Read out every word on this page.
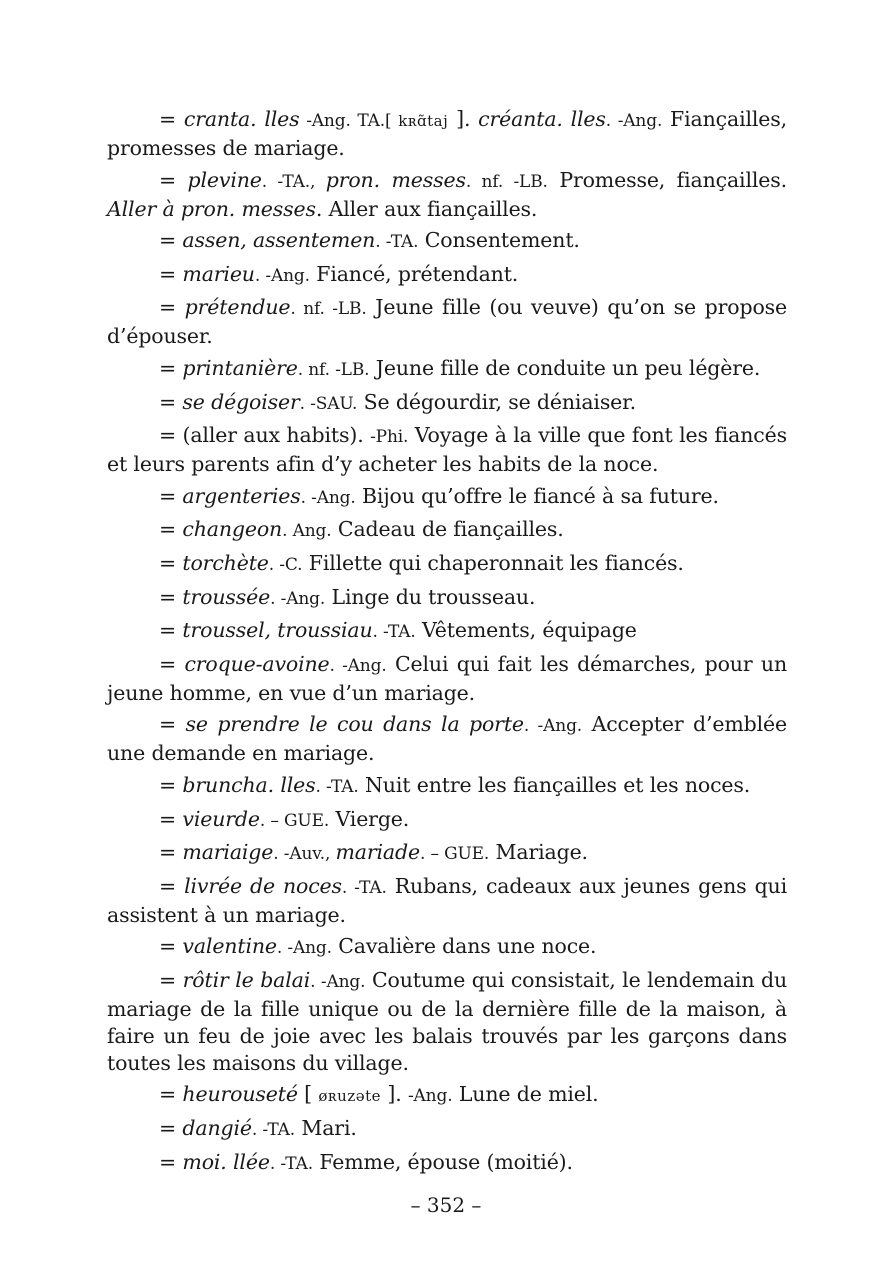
= cranta. lles -Ang. TA.[ kʀɑ̃taj ]. créanta. lles. -Ang. Fiançailles, promesses de mariage.

= plevine. -TA., pron. messes. nf. -LB. Promesse, fiançailles. Aller à pron. messes. Aller aux fiançailles.

= assen, assentemen. -TA. Consentement.

= marieu. -Ang. Fiancé, prétendant.

= prétendue. nf. -LB. Jeune fille (ou veuve) qu’on se propose d’épouser.

= printanière. nf. -LB. Jeune fille de conduite un peu légère.

= se dégoiser. -SAU. Se dégourdir, se déniaiser.

= (aller aux habits). -Phi. Voyage à la ville que font les fiancés et leurs parents afin d’y acheter les habits de la noce.

= argenteries. -Ang. Bijou qu’offre le fiancé à sa future.

= changeon. Ang. Cadeau de fiançailles.

= torchète. -C. Fillette qui chaperonnait les fiancés.

= troussée. -Ang. Linge du trousseau.

= troussel, troussiau. -TA. Vêtements, équipage

= croque-avoine. -Ang. Celui qui fait les démarches, pour un jeune homme, en vue d’un mariage.

= se prendre le cou dans la porte. -Ang. Accepter d’emblée une demande en mariage.

= bruncha. lles. -TA. Nuit entre les fiançailles et les noces.

= vieurde. – GUE. Vierge.

= mariaige. -Auv., mariade. – GUE. Mariage.

= livrée de noces. -TA. Rubans, cadeaux aux jeunes gens qui assistent à un mariage.

= valentine. -Ang. Cavalière dans une noce.

= rôtir le balai. -Ang. Coutume qui consistait, le lendemain du mariage de la fille unique ou de la dernière fille de la maison, à faire un feu de joie avec les balais trouvés par les garçons dans toutes les maisons du village.

= heurouseté [ øʀuzəte ]. -Ang. Lune de miel.

= dangié. -TA. Mari.

= moi. llée. -TA. Femme, épouse (moitié).

– 352 –
